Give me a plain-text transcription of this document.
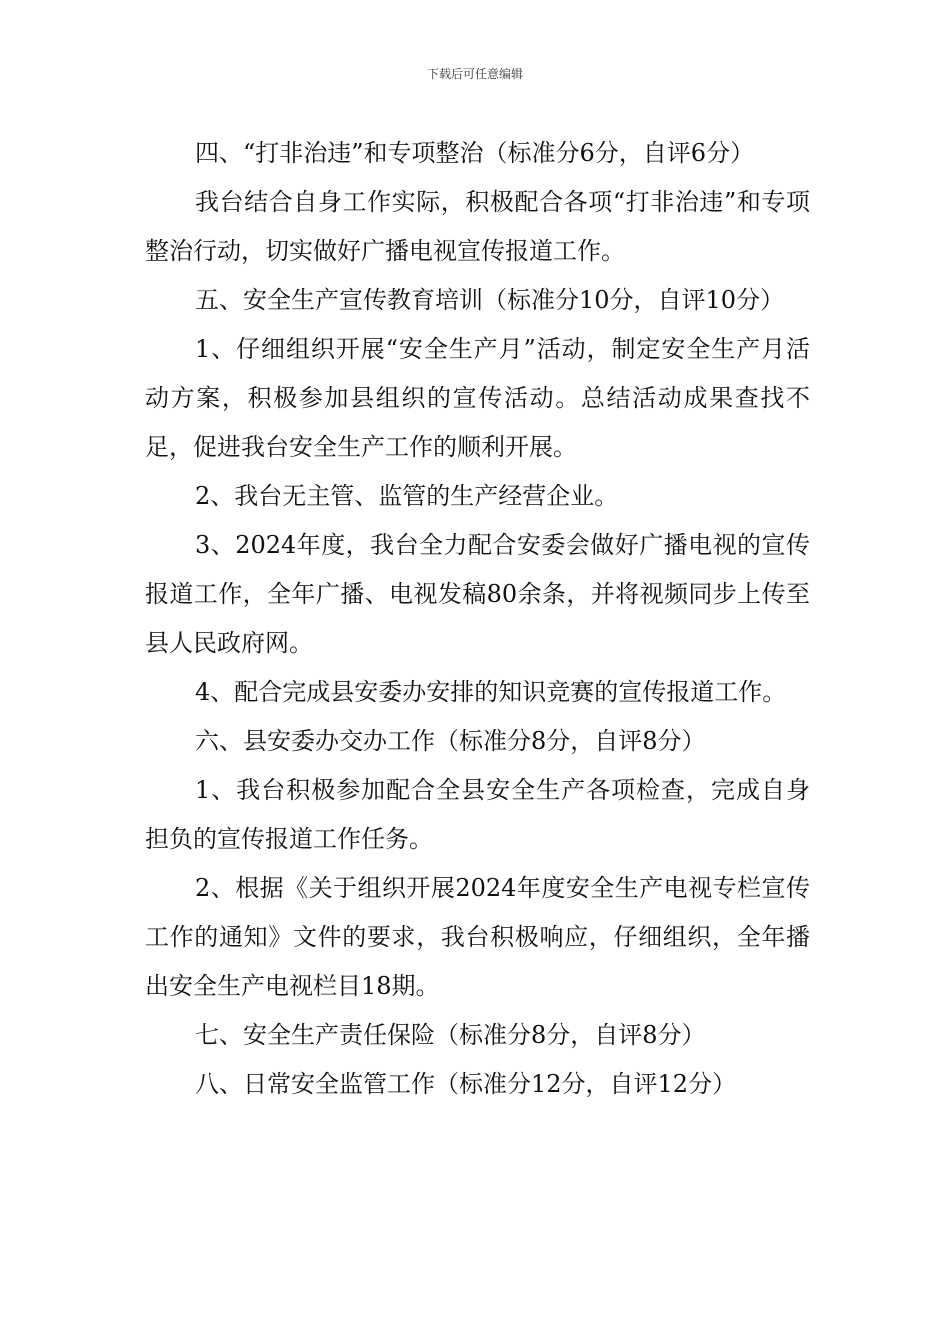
下载后可任意编辑

四、“打非治违”和专项整治（标准分6分，自评6分）

我台结合自身工作实际，积极配合各项“打非治违”和专项整治行动，切实做好广播电视宣传报道工作。

五、安全生产宣传教育培训（标准分10分，自评10分）

1、仔细组织开展“安全生产月”活动，制定安全生产月活动方案，积极参加县组织的宣传活动。总结活动成果查找不足，促进我台安全生产工作的顺利开展。

2、我台无主管、监管的生产经营企业。

3、2024年度，我台全力配合安委会做好广播电视的宣传报道工作，全年广播、电视发稿80余条，并将视频同步上传至县人民政府网。

4、配合完成县安委办安排的知识竞赛的宣传报道工作。

六、县安委办交办工作（标准分8分，自评8分）

1、我台积极参加配合全县安全生产各项检查，完成自身担负的宣传报道工作任务。

2、根据《关于组织开展2024年度安全生产电视专栏宣传工作的通知》文件的要求，我台积极响应，仔细组织，全年播出安全生产电视栏目18期。

七、安全生产责任保险（标准分8分，自评8分）

八、日常安全监管工作（标准分12分，自评12分）
